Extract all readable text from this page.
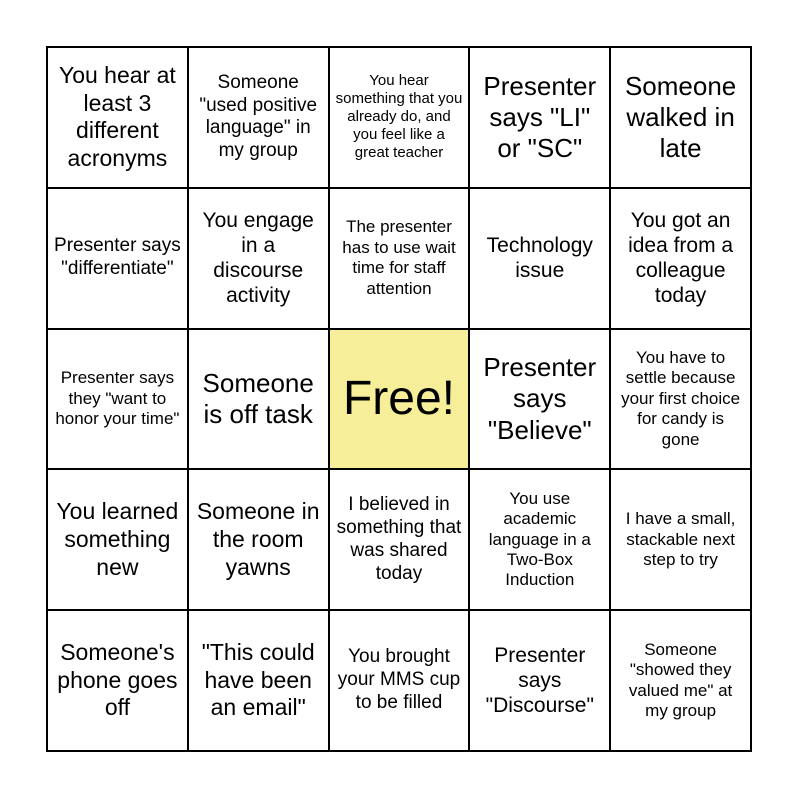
You hear at least 3 different acronyms
Someone "used positive language" in my group
You hear something that you already do, and you feel like a great teacher
Presenter says "LI" or "SC"
Someone walked in late
Presenter says "differentiate"
You engage in a discourse activity
The presenter has to use wait time for staff attention
Technology issue
You got an idea from a colleague today
Presenter says they "want to honor your time"
Someone is off task Free!
Presenter says "Believe"
You have to settle because your first choice for candy is gone
You learned something new
Someone in the room yawns
I believed in something that was shared today
You use academic language in a Two-Box Induction
I have a small, stackable next step to try
Someone's phone goes off
"This could have been an email"
You brought your MMS cup to be filled
Presenter says "Discourse"
Someone "showed they valued me" at my group
